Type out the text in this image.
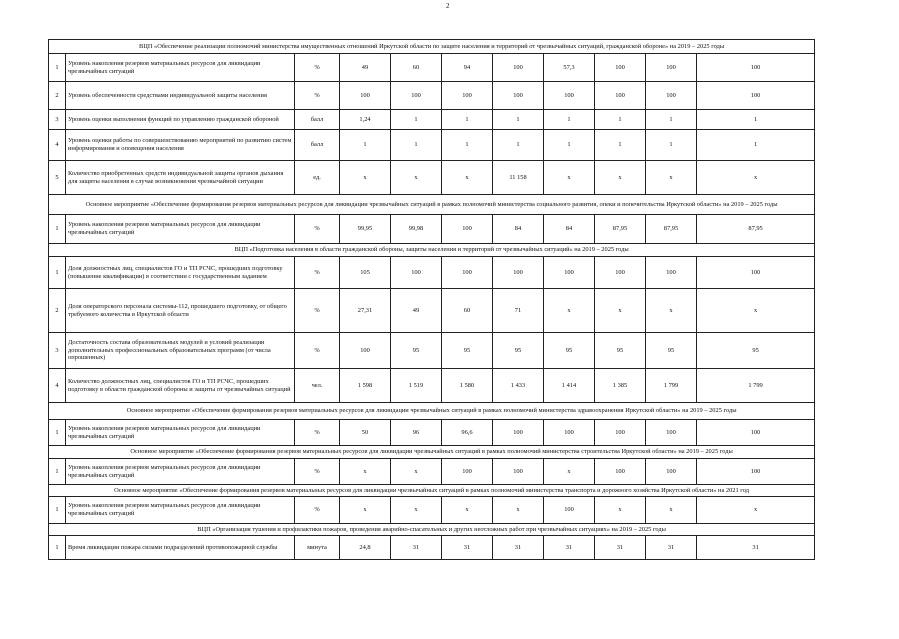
2
ВЦП «Обеспечение реализации полномочий министерства имущественных отношений Иркутской области по защите населения и территорий от чрезвычайных ситуаций, гражданской обороне» на 2019 – 2025 годы											
1	Уровень накопления резервов материальных ресурсов для ликвидации чрезвычайных ситуаций	%	49	60	94	100	57,3	100	100	100	
2	Уровень обеспеченности средствами индивидуальной защиты населения	%	100	100	100	100	100	100	100	100	
3	Уровень оценки выполнения функций по управлению гражданской обороной	балл	1,24	1	1	1	1	1	1	1	
4	Уровень оценки работы по совершенствованию мероприятий по развитию систем информирования и оповещения населения	балл	1	1	1	1	1	1	1	1	
5	Количество приобретенных средств индивидуальной защиты органов дыхания для защиты населения в случае возникновения чрезвычайной ситуации	ед.	х	х	х	11 158	х	х	х	х	
Основное мероприятие «Обеспечение формирования резервов материальных ресурсов для ликвидации чрезвычайных ситуаций в рамках полномочий министерства социального развития, опеки и попечительства Иркутской области» на 2019 – 2025 годы											
1	Уровень накопления резервов материальных ресурсов для ликвидации чрезвычайных ситуаций	%	99,95	99,98	100	84	84	87,95	87,95	87,95	
ВЦП «Подготовка населения в области гражданской обороны, защиты населения и территорий от чрезвычайных ситуаций» на 2019 – 2025 годы											
1	Доля должностных лиц, специалистов ГО и ТП РСЧС, прошедших подготовку (повышение квалификации) в соответствии с государственным заданием	%	105	100	100	100	100	100	100	100	
2	Доля операторского персонала системы-112, прошедшего подготовку, от общего требуемого количества в Иркутской области	%	27,31	49	60	71	х	х	х	х	
3	Достаточность состава образовательных модулей и условий реализации дополнительных профессиональных образовательных программ (от числа опрошенных)	%	100	95	95	95	95	95	95	95	
4	Количество должностных лиц, специалистов ГО и ТП РСЧС, прошедших подготовку в области гражданской обороны и защиты от чрезвычайных ситуаций	чел.	1 598	1 519	1 580	1 433	1 414	1 385	1 799	1 799	
Основное мероприятие «Обеспечение формирования резервов материальных ресурсов для ликвидации чрезвычайных ситуаций в рамках полномочий министерства здравоохранения Иркутской области» на 2019 – 2025 годы											
1	Уровень накопления резервов материальных ресурсов для ликвидации чрезвычайных ситуаций	%	50	96	96,6	100	100	100	100	100	
Основное мероприятие «Обеспечение формирования резервов материальных ресурсов для ликвидации чрезвычайных ситуаций в рамках полномочий министерства строительства Иркутской области» на 2019 – 2025 годы											
1	Уровень накопления резервов материальных ресурсов для ликвидации чрезвычайных ситуаций	%	х	х	100	100	х	100	100	100	
Основное мероприятие «Обеспечение формирования резервов материальных ресурсов для ликвидации чрезвычайных ситуаций в рамках полномочий министерства транспорта и дорожного хозяйства Иркутской области» на 2021 год											
1	Уровень накопления резервов материальных ресурсов для ликвидации чрезвычайных ситуаций	%	х	х	х	х	100	х	х	х	
ВЦП «Организация тушения и профилактики пожаров, проведения аварийно-спасательных и других неотложных работ при чрезвычайных ситуациях» на 2019 – 2025 годы											
1	Время ликвидации пожара силами подразделений противопожарной службы	минута	24,8	31	31	31	31	31	31	31	
